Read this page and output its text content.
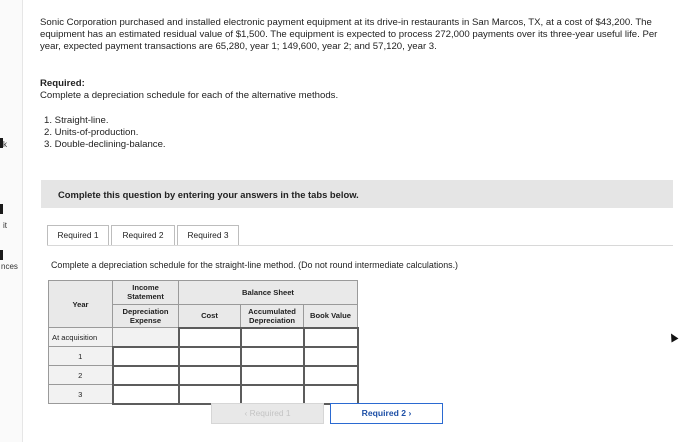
k
it
nces
Sonic Corporation purchased and installed electronic payment equipment at its drive-in restaurants in San Marcos, TX, at a cost of $43,200. The equipment has an estimated residual value of $1,500. The equipment is expected to process 272,000 payments over its three-year useful life. Per year, expected payment transactions are 65,280, year 1; 149,600, year 2; and 57,120, year 3.
Required:
Complete a depreciation schedule for each of the alternative methods.
1. Straight-line.
2. Units-of-production.
3. Double-declining-balance.
Complete this question by entering your answers in the tabs below.
Required 1	Required 2	Required 3
Complete a depreciation schedule for the straight-line method. (Do not round intermediate calculations.)
Year	Income Statement	Balance Sheet		
	Depreciation Expense	Cost	Accumulated Depreciation	Book Value
At acquisition				
1				
2				
3				
‹ Required 1	Required 2 ›
